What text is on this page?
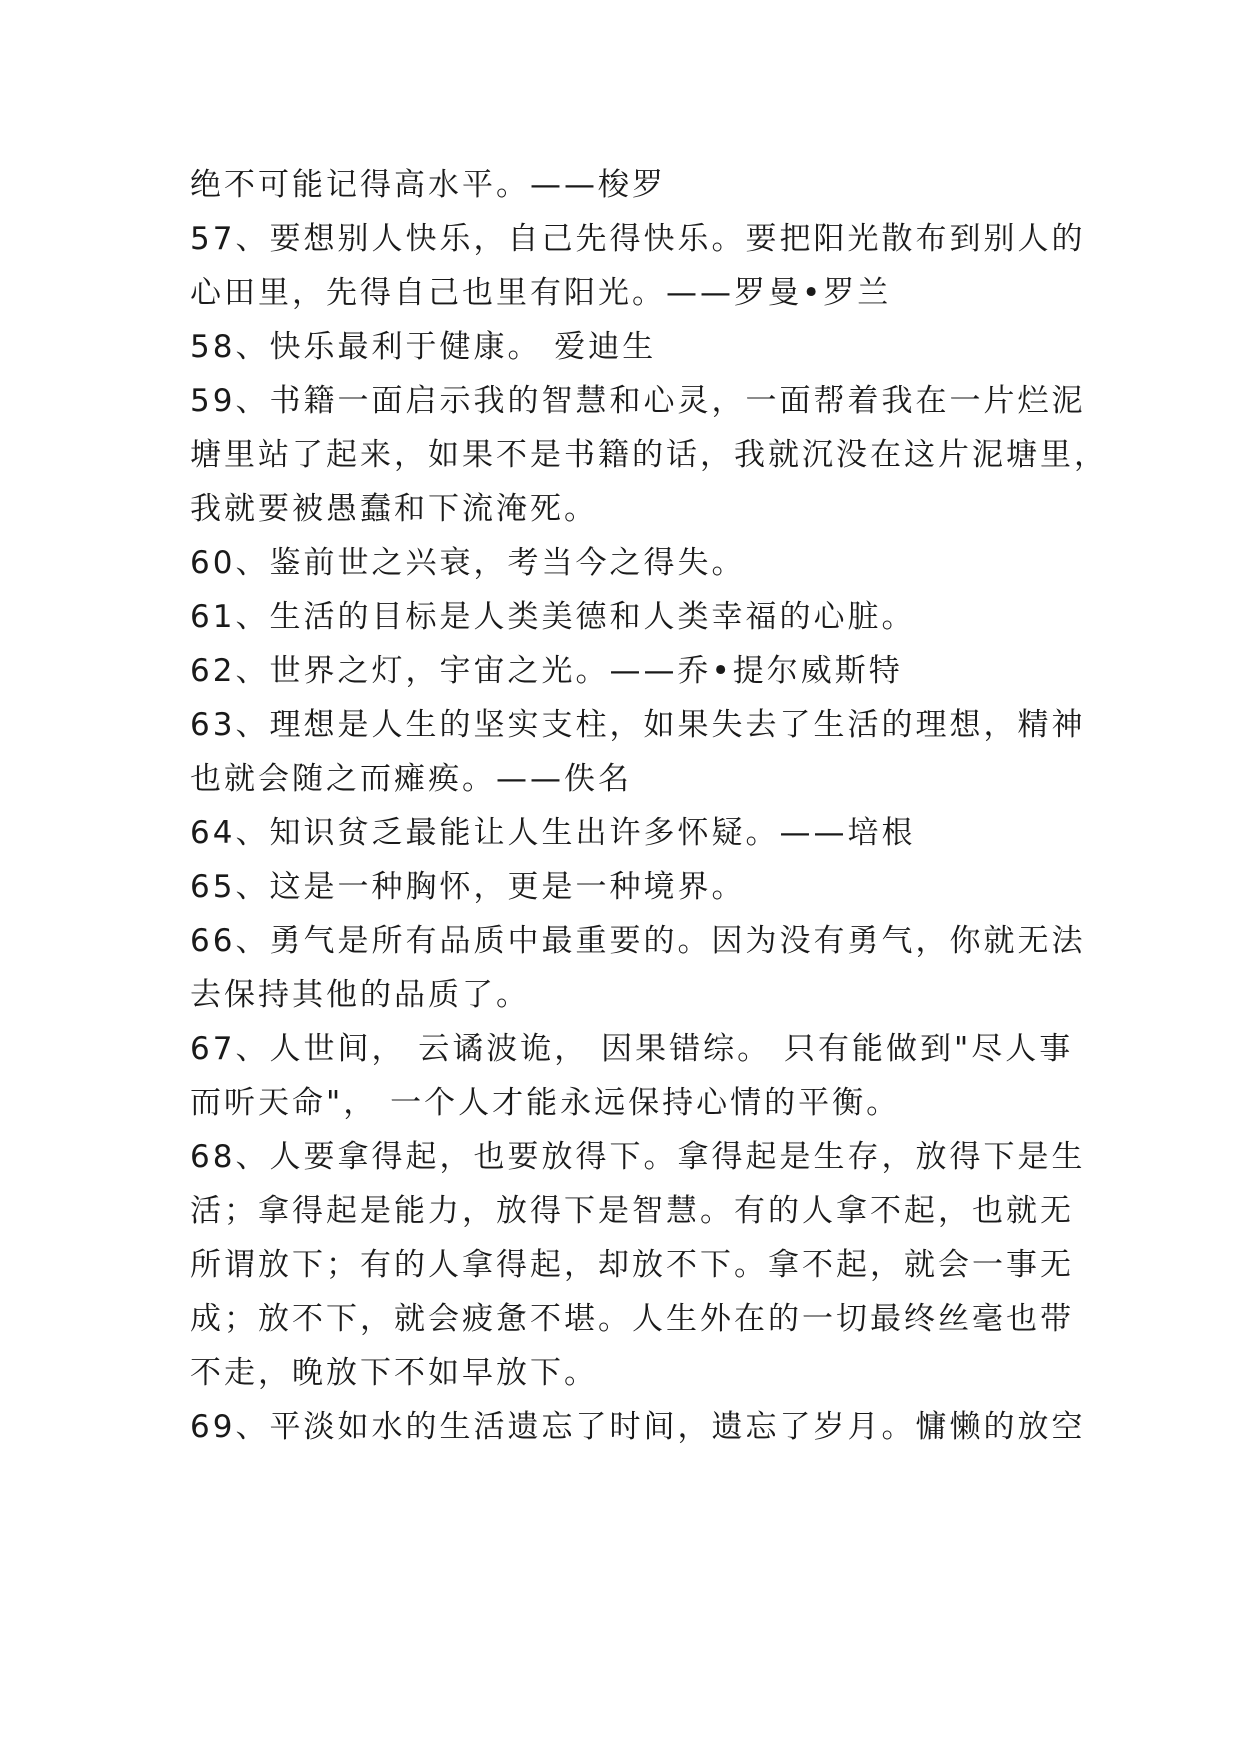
绝不可能记得高水平。——梭罗
57、要想别人快乐，自己先得快乐。要把阳光散布到别人的
心田里，先得自己也里有阳光。——罗曼•罗兰
58、快乐最利于健康。 爱迪生
59、书籍一面启示我的智慧和心灵，一面帮着我在一片烂泥
塘里站了起来，如果不是书籍的话，我就沉没在这片泥塘里，
我就要被愚蠢和下流淹死。
60、鉴前世之兴衰，考当今之得失。
61、生活的目标是人类美德和人类幸福的心脏。
62、世界之灯，宇宙之光。——乔•提尔威斯特
63、理想是人生的坚实支柱，如果失去了生活的理想，精神
也就会随之而瘫痪。——佚名
64、知识贫乏最能让人生出许多怀疑。——培根
65、这是一种胸怀，更是一种境界。
66、勇气是所有品质中最重要的。因为没有勇气，你就无法
去保持其他的品质了。
67、人世间， 云谲波诡， 因果错综。 只有能做到"尽人事
而听天命"， 一个人才能永远保持心情的平衡。
68、人要拿得起，也要放得下。拿得起是生存，放得下是生
活；拿得起是能力，放得下是智慧。有的人拿不起，也就无
所谓放下；有的人拿得起，却放不下。拿不起，就会一事无
成；放不下，就会疲惫不堪。人生外在的一切最终丝毫也带
不走，晚放下不如早放下。
69、平淡如水的生活遗忘了时间，遗忘了岁月。慵懒的放空
